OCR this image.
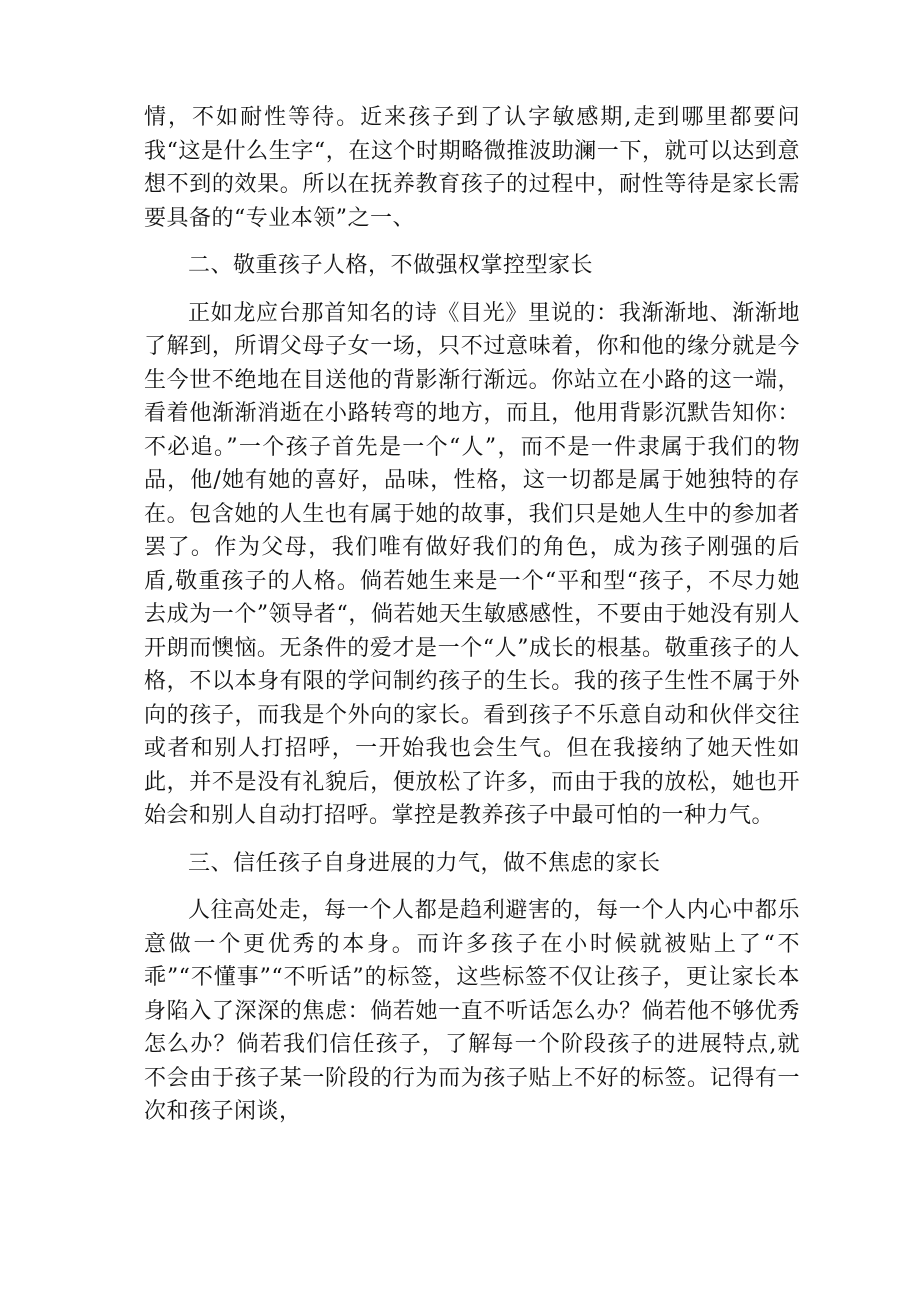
情，不如耐性等待。近来孩子到了认字敏感期,走到哪里都要问我“这是什么生字“，在这个时期略微推波助澜一下，就可以达到意想不到的效果。所以在抚养教育孩子的过程中，耐性等待是家长需要具备的“专业本领”之一、

二、敬重孩子人格，不做强权掌控型家长

正如龙应台那首知名的诗《目光》里说的：我渐渐地、渐渐地了解到，所谓父母子女一场，只不过意味着，你和他的缘分就是今生今世不绝地在目送他的背影渐行渐远。你站立在小路的这一端，看着他渐渐消逝在小路转弯的地方，而且，他用背影沉默告知你：不必追。”一个孩子首先是一个“人”，而不是一件隶属于我们的物品，他/她有她的喜好，品味，性格，这一切都是属于她独特的存在。包含她的人生也有属于她的故事，我们只是她人生中的参加者罢了。作为父母，我们唯有做好我们的角色，成为孩子刚强的后盾,敬重孩子的人格。倘若她生来是一个“平和型“孩子，不尽力她去成为一个”领导者“，倘若她天生敏感感性，不要由于她没有别人开朗而懊恼。无条件的爱才是一个“人”成长的根基。敬重孩子的人格，不以本身有限的学问制约孩子的生长。我的孩子生性不属于外向的孩子，而我是个外向的家长。看到孩子不乐意自动和伙伴交往或者和别人打招呼，一开始我也会生气。但在我接纳了她天性如此，并不是没有礼貌后，便放松了许多，而由于我的放松，她也开始会和别人自动打招呼。掌控是教养孩子中最可怕的一种力气。

三、信任孩子自身进展的力气，做不焦虑的家长

人往高处走，每一个人都是趋利避害的，每一个人内心中都乐意做一个更优秀的本身。而许多孩子在小时候就被贴上了“不乖”“不懂事”“不听话”的标签，这些标签不仅让孩子，更让家长本身陷入了深深的焦虑：倘若她一直不听话怎么办？倘若他不够优秀怎么办？倘若我们信任孩子，了解每一个阶段孩子的进展特点,就不会由于孩子某一阶段的行为而为孩子贴上不好的标签。记得有一次和孩子闲谈，
